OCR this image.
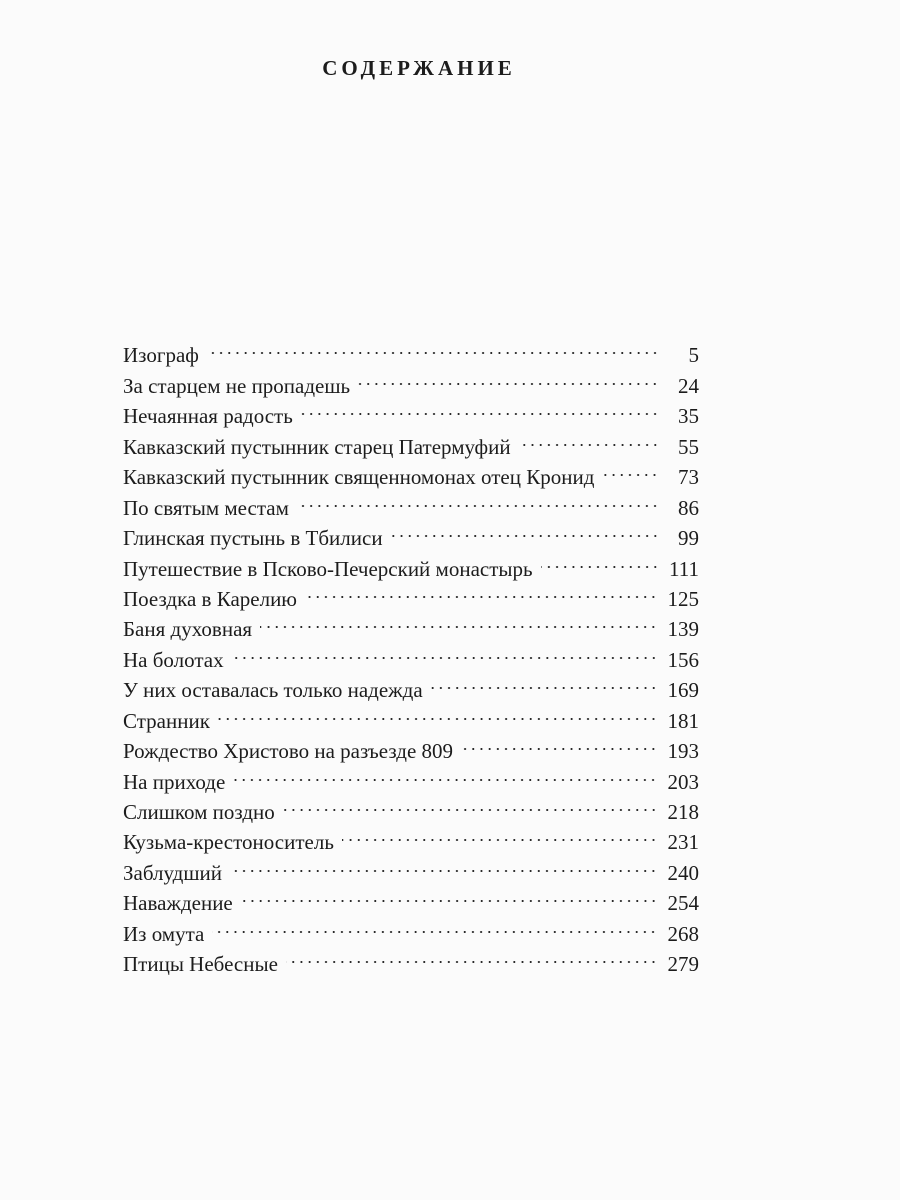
СОДЕРЖАНИЕ
Изограф	5
За старцем не пропадешь	24
Нечаянная радость	35
Кавказский пустынник старец Патермуфий	55
Кавказский пустынник священномонах отец Кронид	73
По святым местам	86
Глинская пустынь в Тбилиси	99
Путешествие в Псково-Печерский монастырь	111
Поездка в Карелию	125
Баня духовная	139
На болотах	156
У них оставалась только надежда	169
Странник	181
Рождество Христово на разъезде 809	193
На приходе	203
Слишком поздно	218
Кузьма-крестоноситель	231
Заблудший	240
Наваждение	254
Из омута	268
Птицы Небесные	279
